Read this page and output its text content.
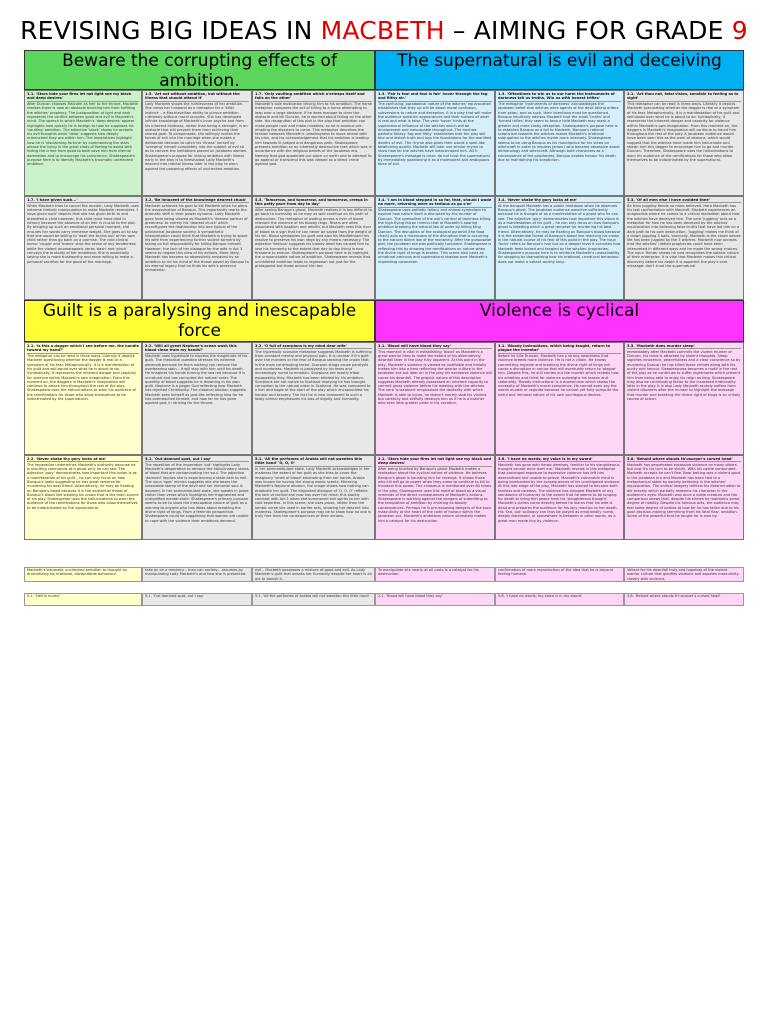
REVISING BIG IDEAS IN MACBETH – AIMING FOR GRADE 9
Beware the corrupting effects of ambition.
The supernatural is evil and deceiving
1.1. 'Stars hide your fires let not light see my black and deep desires'
After Duncan chooses Malcolm as heir to the throne, Macbeth realises there is now an obstacle blocking him from fulfilling the witches' prophecy. The juxtaposition of light and dark represents the conflict between good and evil in Macbeth's mind. The speech in which Macbeth's 'deep desires' appear highlights how quickly he is foreign to how he supposes his 'vaulting' ambition. The adjective 'black' shows he accepts his evil thoughts while 'deep' suggests how deeply entrenched they are within him. The imperatives highlight how he is 'disclaiming fortune' by commanding the stars please the living in the great clods of feeling to assist with hiding the crime from good to both save him from eternal damnation and to encourage his conscience. Shakespeare's purpose here is to identify Macbeth's traumatic unchecked ambition.
1.5. 'Art not without ambition, but without the illness that should attend it'
Lady Macbeth shows the ruthlessness of her ambition. She views her husband as a metaphor for a 'killer instinct' – a Machiavellian ability to pursue ambition ruthlessly without moral scruples. She has developed infinite knowledge of Macbeth's inner psyche and from his inherent kindness, rather than being a strength, is an obstacle that will prevent them from achieving their shared goal. To compensate, she willingly invites the forces of evil into the marriage when she makes a deliberate decision to catch his 'illness' herself by 'screwing' herself completely into the subject of evil so as to convert the limitations placed on Jacobean women. Shakespeare's purpose for linking ambition with illness early in the play is to foreshadow Lady Macbeth's descent into mental illness later in the play to warn against the poisoning effects of unchecked ambition.
1.7. 'Only vaulting ambition which o'erleaps itself and falls on the other'
Macbeth's sole motivation driving him to his ambition. The horse metaphor compares the act of killing to a horse attempting to leap over a large obstacle. If he does manage to clear the obstacle and kill Duncan, he is worried about falling on the other side. His recognition of this plot in the play that ambition can make people rush and make mistakes, so he is anxious pre-empting the disasters to come. This metaphor describes the tension between Macbeth's unwillingness to move ahead with his plan, and his acknowledgement that his ambition is leading him towards ill-judged and dangerous path. Shakespeare presents ambition as an inherently destructive trait which was in accordance with the religious beliefs of the Jacobean era. Namely that god appointed our place on earth and to attempt to go against or transcend this was viewed as a direct crime against god.
1.3. 'Fair is foul and foul is fair' hover through the fog and filthy air.'
The confusing, paradoxical nature of the witches' equivocation establishes that they up will be about moral confusion, subversions to nature and deception. It is a play that will make the audience question appearances and their notions of what is real and what is false. The verb 'hover' hints at the supernatural influence of the witches which will be omnipresent and inescapable throughout. The trochaic pathetic fallacy 'fog and filthy' establishes that the play will blur and distort truth and lays the foundations for the manifest depths of evil. The rhyme also gives their words a spell-like bewitching quality. Macbeth will later use similar rhyme to show how far the witches have indoctrinated him. AO3: Shakespeare's message is clear: do not trust the supernatural by immediately positioning it as a malevolent and ambiguous force of evil.
1.3. 'Oftentimes to win us to our harm the instruments of darkness tell us truths, Win us with honest trifles'
The metaphor 'instruments of darkness' acknowledges the Jacobean belief that witches were agents of the devil taking orders from satan, and as such, their intentions must be questioned. Banquo intuitively advises Macbeth that the small 'truths' and 'honest trifles' they seem to favour hold Macbeth may mask a greater and more costly deception. Shakespeare's purpose here is to establish Banquo as a foil to Macbeth. Banquo's rational scepticism towards the witches makes Macbeth's irrational subjugation to the witches rhyme more intensely. Shakespeare seems to be using Banquo as his mouthpiece for his views on witchcraft in order to impress James I who became obsessive about demonology and witchcraft. Although both characters as a consequence of the prophecies, Banquo evokes honour his death due to maintaining his scepticism.
2.1. 'Art thou not, fatal vision, sensible to feeling as to sight'
This metaphor can be read in three ways. Literally it depicts Macbeth speculating whether the dagger is real or a symptom of his fear. Metaphorically, it is a manifestation of his guilt and self-doubt over what he is about to do. Symbolically, it represents the inherent danger and capacity for violence within Macbeth's own imagination. From this moment on, the daggers in Macbeth's imagination will continue to haunt him throughout the rest of the play. A Jacobean audience would have been seen this as the work of demons, which would suggest that the witches have made him hallucinate and shown him this dagger to encourage him to go and murder Duncan. Therefore, Shakespeare uses the hallucinations to warn his audience of the ramifications for those who allow themselves to be indoctrinated by the supernatural.
1.7. 'I have given suck...'
When Macbeth tries to cancel the murder, Lady Macbeth uses extreme rhetoric manipulation to make Macbeth reconsider. 'I have given suck' depicts that she has given birth to and breastfed a child however, this child must have died in infancy because the absence of an heir is crucial to the plot. By bringing up such an emotional personal moment, she ensures her words carry immense weight. She goes on to say that she would be willing to 'dash the brains out' of her own child rather than go back on a promise. The cold clinical horror 'nipple' and 'brains' strip the sense of any tenderness while the violent onomatopoeic verbs 'dash' and 'pluck' conveys the brutality of her ambitions. She is essentially saying she is more trustworthy and more willing to make a personal sacrifice for the good of the marriage.
3.2. 'Be innocent of the knowledge dearest chuck'
Macbeth achieves his goal to kill Macbeth when he plans the assassination of Banquo. This importantly marks the dramatic shift in their power dynamic. Lady Macbeth goes from being viewed as Macbeth's 'dearest partner of greatness' to merely his 'dearest chuck' which reconfigures the relationship into one typical of the patriarchal Jacobean society. A sympathetic interpretation could think that Macbeth is trying to spare his wife from experiencing further violent torment by taking on full responsibility for killing Banquo himself. However, the lack of her dialogue for the wife in Act 3 seems to negate this view of his actions. More likely, Macbeth has become so obsessively enslaved by an ambition to rid his mind of the threat posed by Banquo to his eternal legacy that he finds his wife's presence immaterial.
5.5. 'Tomorrow, and tomorrow, and tomorrow, creeps in this petty pace from day to day'
After seeing Banquo's ghost, Macbeth realises it is too difficult to go back to normality so he may as well continue on his path of destruction. The metaphor of wading across a river of blood relevant the violence of his bloody reign. Rivers are often associated with baptism and rebirth, but Macbeth sees this river of blood as a sign that he can never be saved from the weight of his sin. Blood symbolizes his guilt and also his MacBeth/and his resolve to preserve his own reign by any means necessary. The adjective 'tedious' suggests his bloody deed has caused him to lose his humanity to the extent that day to day living is now tiresome to endure. Shakespeare's purpose here is to highlight the unquenchable nature of ambition. Shakespeare reveals that uninhibited ambition leads to regression not just for the protagonist but those around him too.
3.4. 'I am in blood stepped in so far, that, should I wade no more, returning were as tedious as go o'er'
Shakespeare uses pathetic fallacy and animal symbolism to explore how nature itself is disrupted by the murder of Duncan. The symbolism of the owl's control of darkness killing the high-flying falcon mimics that of Macbeth's soaring ambition breaking the natural law of order by killing King Duncan. The disruption of the ecological pyramid (the food chain) acts as a microcosm of the disruption that is occurring to the natural divine law of the monarchy. After the gunpowder plot, the Jacobean era was politically turbulent. Shakespeare is reflecting this by showing the ramifications on nature when the divine right of kings is broken. This scene also casts an unnatural ominous and supernatural shadow over Macbeth's impending coronation.
3.4. 'Never shake thy gory locks at me'
At the banquet Macbeth has a public meltdown when he observes Banquo's ghost. The Jacobean audience would've sufficiently because he is thought of as a manifestation of a ghost who he can see. The adjective 'gory' demonstrates how important this vision is as a manifestation of his guilt – he can only focus on how Banquo's ghost is bleeding which a great remorse for murdering his best friend. Alternatively, he may be fixating on Banquo's blood because it is the existential threat of Banquo's blood line reaching his crown in the natural course of his fear of this point in the play. The noun 'locks' refers to Banquo's hair but on a deeper level it connotes how Macbeth feels locked and tangled by the witches' prophecies. Shakespeare's purpose here is to reinforce Macbeth's unavailability for stopping by dramatizing how his irrational, unnatural behaviour does not make a valiant worthy king.
5.3. 'Of all men else I have avoided thee'
Be thou juggling fiends no more believed. Here Macbeth has his last confrontation with Macduff, Macbeth experiences an anagnorisis where he comes to a critical realisation about how the witches have deceived him. The verb 'juggling' acts as a metaphor for how he has been deceived by the witches' equivocation into believing false truths that have led him on a dark path to his own destruction. 'Juggling' makes me think of a clown juggling 3 balls. Ironically, Macbeth is the clown whose life has been juggled by the 3 witches. Macbeth now accepts that the witches' riddled prophecies could have been interpreted in different ways and he made the wrong choices. The noun 'fiends' shows he now recognises the satanic nature of their enterprise. It is vital that Macbeth makes this critical discovery before his death it is apparent the play's core message: don't trust the supernatural.
Guilt is a paralysing and inescapable force
Violence is cyclical
2.1. 'Is this a dagger which I see before me, the handle toward my hand?'
The metaphor can be read in three ways. Literally it depicts Macbeth questioning whether the dagger is real or a symptom of his fear. Metaphorically, it is a manifestation of his guilt and self-doubt over what he is about to do. Symbolically, it represents the inherent danger and capacity for violence within Macbeth's own imagination. From this moment on, the daggers in Macbeth's imagination will continue to attack him throughout the rest of the play. Shakespeare uses the hallucinations to warn his audience of the ramifications for those who allow themselves to be indoctrinated by the supernatural.
2.2. 'Will all great Neptune's ocean wash this blood clean from my hands?'
Macbeth uses hyperbole to express the magnitude of his guilt. The rhetorical question stresses his extreme paranoia because he fears nothing can remove the overbearing stain – it will stay with him until his death. He imagines his hands turning the sea red because it is unnatural and has corrupted the natural order. The quantity of blood suggests he is drowning in his own guilt. Neptune is a pagan God reflecting how Macbeth has rejected Christianity. The classical allusion suggests Macbeth sees himself as god-like reflecting how far he has overreached himself, and how far he has gone against god, in striving for the throne.
3.2. 'O full of scorpions is my mind dear wife'
The hyperbolic scorpion metaphor suggests Macbeth is suffering from constant mental and physical pain. It is unclear if it's guilt over the murders or the fear of Banquo stealing the crown that is the main contributing factor. Scorpion stings cause paralysis and numbness. Macbeth is paralysed by his fears and increasingly numb to emotion. Scorpions are mostly tribal escapeeing they. Macbeth has been blinded by his ambition. Scorpions are not native to Scotland implying he has brought corruption to the natural order in Scotland. He was compared to a lion and eagle at the start of the play which encapsulated his honour and bravery. The fact he is now compared to such a lowly animal emphasizes his loss of dignity and humanity.
3.1. 'Blood will have blood they say'
This moment is vital in establishing 'blood' as Macbeth's a great warrior hero to make the extent of his alternatively downfall later in the play fully apparent. At this point in the play, Macbeth's violence is viewed as justifiable and initially makes him into a hero reflecting the warrior culture in the Jacobean era but later on in the play his excessive violence will cause his downfall. The graphic nature of this description suggests Macbeth already possessed an inherent capacity to commit gross violence before his meeting with the witches. The verb 'unseamed' emphasises the dexterity with which Macbeth is able to injure, he doesn't merely stab his victims but carefully and skilfully destroys him as if he is a butcher who sees little greater pride in his vocation.
3.1. 'Bloody instructions, which being taught, return to plague the inventor'
Before he kills Duncan, Macbeth has a strong awareness that violence breeds more violence. He is not a villain. He knows committing regicide and breaking the divine right of kings will cause a disruption in nature that will eventually return to 'plague' him. Despite this, he still carries out the murder which reveals how his ambition and thirst for violence outweighs his reason and rationality. 'Bloody instructions' is a euphemism which shows the necessity of Macbeth's moral conscience. He cannot even say the words murder or regicide because he cannot yet fully compute the sinful and immoral nature of his own sacrilegious desires.
3.5. 'Macbeth does murder sleep'
Immediately after Macbeth commits the violent murder of Duncan, his mind is attacked by violent thoughts. Sleep signifies innocence, peacefulness and a clear conscience so by murdering Duncan he has killed those virtues along with his purity and honour. Sleeplessness becomes a motif in the rest of the play as he continues to suffer nightmares which prevent him from being able to enjoy his reign as king. Shakespeare may also be contributing factor to the increased irrationality later in the play. It is also Lady Macbeth acutely suffers from violent disorders after the murder to highlight the message that murder and breaking the divine right of kings is an unholy course of action.
2.2. 'Never shake thy gory locks at me'
The imperative undermines Macbeth's authority because he is shouting commands at a ghost only he can see. The adjective 'gory' demonstrates how important this vision is as a manifestation of his guilt – he can only focus on how Banquo's looks suggesting he has great remorse for murdering his best friend. Alternatively, he may be fixating on Banquo's blood because it is the existential threat of Banquo's blood line stealing his crown that is the main source of his play. Shakespeare uses the hallucinations to warn the audience of the ramifications for those who allow themselves to be indoctrinated by the supernatural.
5.1. 'Out damned spot, out I say'
The repetition of the imperative 'out' highlights Lady Macbeth's desperation to remove the hallucinatory stains of blood that are contaminating her soul. The adjective 'damned' implies she is experiencing a state akin to hell. The noun 'spot' mimics suggests she she bears the inexorable stamp of the devil and her immortal soul is doomed. In her somnambulant state, she speaks in prose rather than verse which highlights her fragmented and unsignified mental state. Shakespeare's primary purpose seems to be to show the inescapable nature of guilt as a warning to anyone who has ideas about breaking the divine right of kings. From a feminist perspective, Shakespeare could be suggesting that women are unable to cope with the violence their ambitions demand.
5.1. 'All the perfumes of Arabia will not sweeten this little hand' 'O, O, O'
In her somnambulant state, Lady Macbeth acknowledges in her madness the extent of her guilt as she tries to cover the imaginary 'smell of blood' emanating from her hands. Arabia was known for having the strong exotic scents. Mirroring Macbeth's Neptune allusion, the image shows how nothing can eradicate her guilt. The disjointed dialogue of 'O, O, O' reflects the lack of control she now has over her mind: this starkly contrast with Act 1 when she summoned evil spirits to her with cold expertise. In this scene, she uses prose, rather than the iambic verse she used in earlier acts, showing her descent into madness. Shakespeare's purpose may be to show how no one is truly free from the consequences of their actions.
2.1. 'Stars hide your fires let not light see my black and deep desires'
After being taunted by Banquo's ghost Macbeth makes a realisation about the cyclical nature of violence. He believes Banquo's ghost is haunting him for revenge. It shows those who kill will go to power when they come to continue to kill to maintain this power. The chiasmus is mentioned over 60 times in the play, Shakespeare uses this motif of blood as a visual reminder of the direct consequences of Macbeth's actions. Shakespeare is warning against the dangers of submitting to the temptation of ambition by charting its bloody consequences. Perhaps he is pre-exposing dangers of the toxic masculinity at the heart of the code of honour within the Jacobean era. Macbeth's ambitious nature ultimately makes him a catalyst for his destruction.
5.8. 'I have no words; my voice is in my sword'
Macbeth has gone with heroic demises, familiar to his slaughterous thought cannot once start me.' Macbeth reveals in this metaphor that prolonged exposure to excessive violence has left him desensitised and unable to grieve. Macbeth's vulnerable mind is being bombarded by the consequences of his unmitigated violence. At this late stage of the play, Macbeth has started to become both fearless and careless. The violence has stripped Macbeth of any semblance of humanity to the extent that he seems to be longing for death to bring him peace from his 'slaughterous thought'. Macbeth's claims come directly before he learns that his wife is dead and prepares the audience for his lacy reaction to her death. His 'Out, out' soliloquy can thus be played as emotionally numb, deeply distressed, or somewhere in-between in other words, as a great man made tiny by violence.
5.8. 'Behold where stands th'usurper's cursed head'
Macbeth has perpetrated excessive violence on many others but now it's his turn to be victim. With his castle surrounded, Macbeth accepts he can't flee. Bear baiting was a violent sport in the Jacobean era and Macbeth has been tied to a metaphorical stake by society believing in the witches' equivocation. The animal imagery reflects his determination to die bravely which partially redeems his character in the audience's eyes. Macbeth was once a noble creature and the comparison shows that, despite his crimes he maintains some degree of nobility. Despite his heinous acts, the audience may feel some degree of pathos at how far he has fallen due to his poor decision-making stemming from his fatal flaw, ambition. Some of the powerful that he fought for is now by.
Macbeth's traumatic unchecked ambition to thought by dramatizing his irrational, disreputable behaviour.
take on on a mockery... men can society... assumes by manipulating Lady Macbeth's and how she is presented.
evil – Macbeth possesses a mixture of good and evil. As Lady Macbeth's guilt that wreaks her humanity despite her heart is an act to banish it.
To manipulate sits nearly at all costs is a catalyst for his destruction.
confirmation of more reproduction of the idea that he is beyond feeling humane.
Valiant for his downfall truly and hopeless of the violent warrior culture that glorifies violence and equates masculinity closely with violence.
5.1. 'Hell is murky'	5.1. 'Out damned spot, out I say'	5.1. 'All the perfumes of Arabia will not sweeten this little hand'	2.1. 'Blood will have blood they say'	5.8. 'I have no words; my voice is in my sword'	5.8. 'Behold where stands th'usurper's cursed head'
